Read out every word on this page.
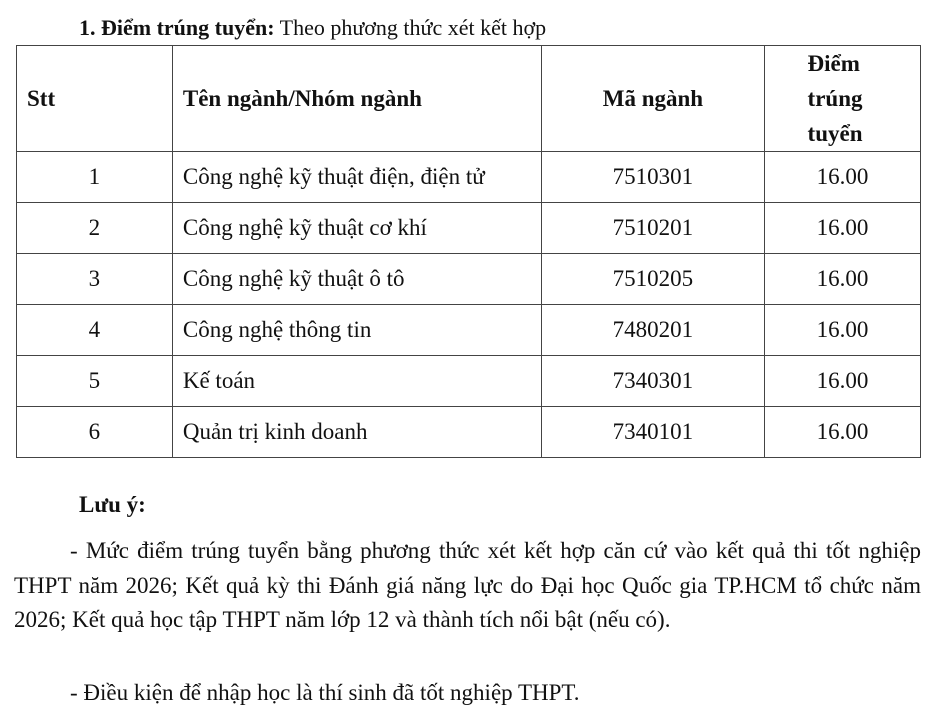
1. Điểm trúng tuyển: Theo phương thức xét kết hợp
Stt	Tên ngành/Nhóm ngành	Mã ngành	Điểm trúng tuyển

1	Công nghệ kỹ thuật điện, điện tử	7510301	16.00
2	Công nghệ kỹ thuật cơ khí	7510201	16.00
3	Công nghệ kỹ thuật ô tô	7510205	16.00
4	Công nghệ thông tin	7480201	16.00
5	Kế toán	7340301	16.00
6	Quản trị kinh doanh	7340101	16.00
Lưu ý:

- Mức điểm trúng tuyển bằng phương thức xét kết hợp căn cứ vào kết quả thi tốt nghiệp THPT năm 2026; Kết quả kỳ thi Đánh giá năng lực do Đại học Quốc gia TP.HCM tổ chức năm 2026; Kết quả học tập THPT năm lớp 12 và thành tích nổi bật (nếu có).

- Điều kiện để nhập học là thí sinh đã tốt nghiệp THPT.
